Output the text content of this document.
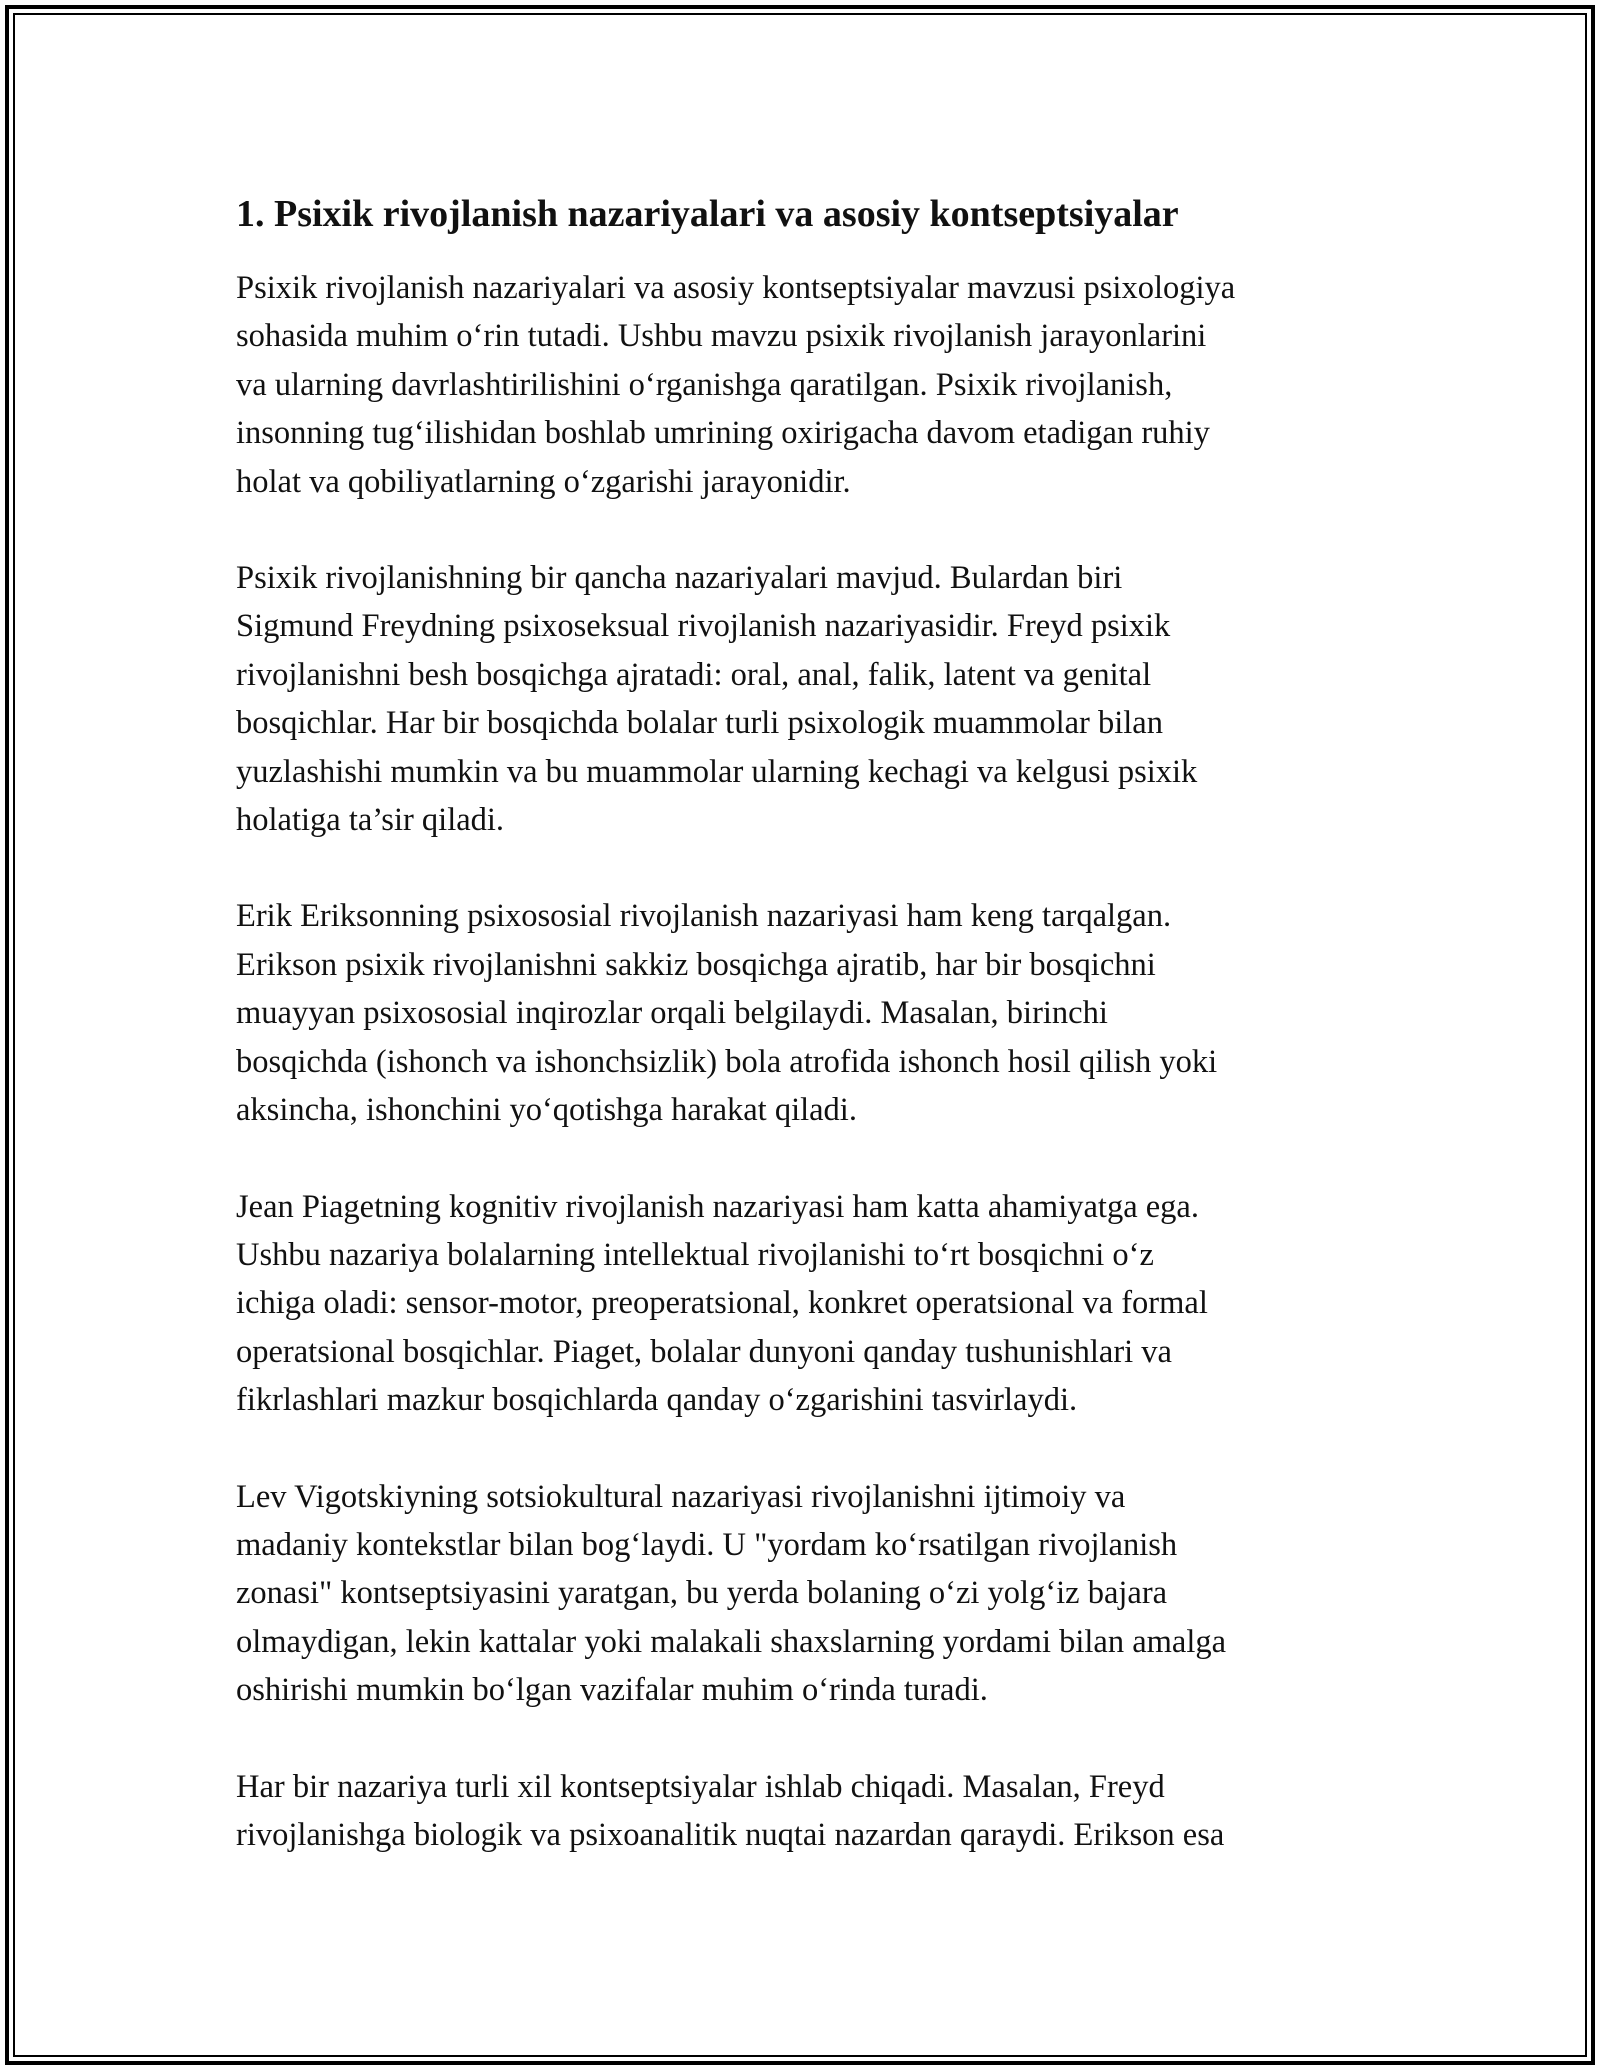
1. Psixik rivojlanish nazariyalari va asosiy kontseptsiyalar

Psixik rivojlanish nazariyalari va asosiy kontseptsiyalar mavzusi psixologiya
sohasida muhim o‘rin tutadi. Ushbu mavzu psixik rivojlanish jarayonlarini
va ularning davrlashtirilishini o‘rganishga qaratilgan. Psixik rivojlanish,
insonning tug‘ilishidan boshlab umrining oxirigacha davom etadigan ruhiy
holat va qobiliyatlarning o‘zgarishi jarayonidir.

Psixik rivojlanishning bir qancha nazariyalari mavjud. Bulardan biri
Sigmund Freydning psixoseksual rivojlanish nazariyasidir. Freyd psixik
rivojlanishni besh bosqichga ajratadi: oral, anal, falik, latent va genital
bosqichlar. Har bir bosqichda bolalar turli psixologik muammolar bilan
yuzlashishi mumkin va bu muammolar ularning kechagi va kelgusi psixik
holatiga ta’sir qiladi.

Erik Eriksonning psixososial rivojlanish nazariyasi ham keng tarqalgan.
Erikson psixik rivojlanishni sakkiz bosqichga ajratib, har bir bosqichni
muayyan psixososial inqirozlar orqali belgilaydi. Masalan, birinchi
bosqichda (ishonch va ishonchsizlik) bola atrofida ishonch hosil qilish yoki
aksincha, ishonchini yo‘qotishga harakat qiladi.

Jean Piagetning kognitiv rivojlanish nazariyasi ham katta ahamiyatga ega.
Ushbu nazariya bolalarning intellektual rivojlanishi to‘rt bosqichni o‘z
ichiga oladi: sensor-motor, preoperatsional, konkret operatsional va formal
operatsional bosqichlar. Piaget, bolalar dunyoni qanday tushunishlari va
fikrlashlari mazkur bosqichlarda qanday o‘zgarishini tasvirlaydi.

Lev Vigotskiyning sotsiokultural nazariyasi rivojlanishni ijtimoiy va
madaniy kontekstlar bilan bog‘laydi. U "yordam ko‘rsatilgan rivojlanish
zonasi" kontseptsiyasini yaratgan, bu yerda bolaning o‘zi yolg‘iz bajara
olmaydigan, lekin kattalar yoki malakali shaxslarning yordami bilan amalga
oshirishi mumkin bo‘lgan vazifalar muhim o‘rinda turadi.

Har bir nazariya turli xil kontseptsiyalar ishlab chiqadi. Masalan, Freyd
rivojlanishga biologik va psixoanalitik nuqtai nazardan qaraydi. Erikson esa
